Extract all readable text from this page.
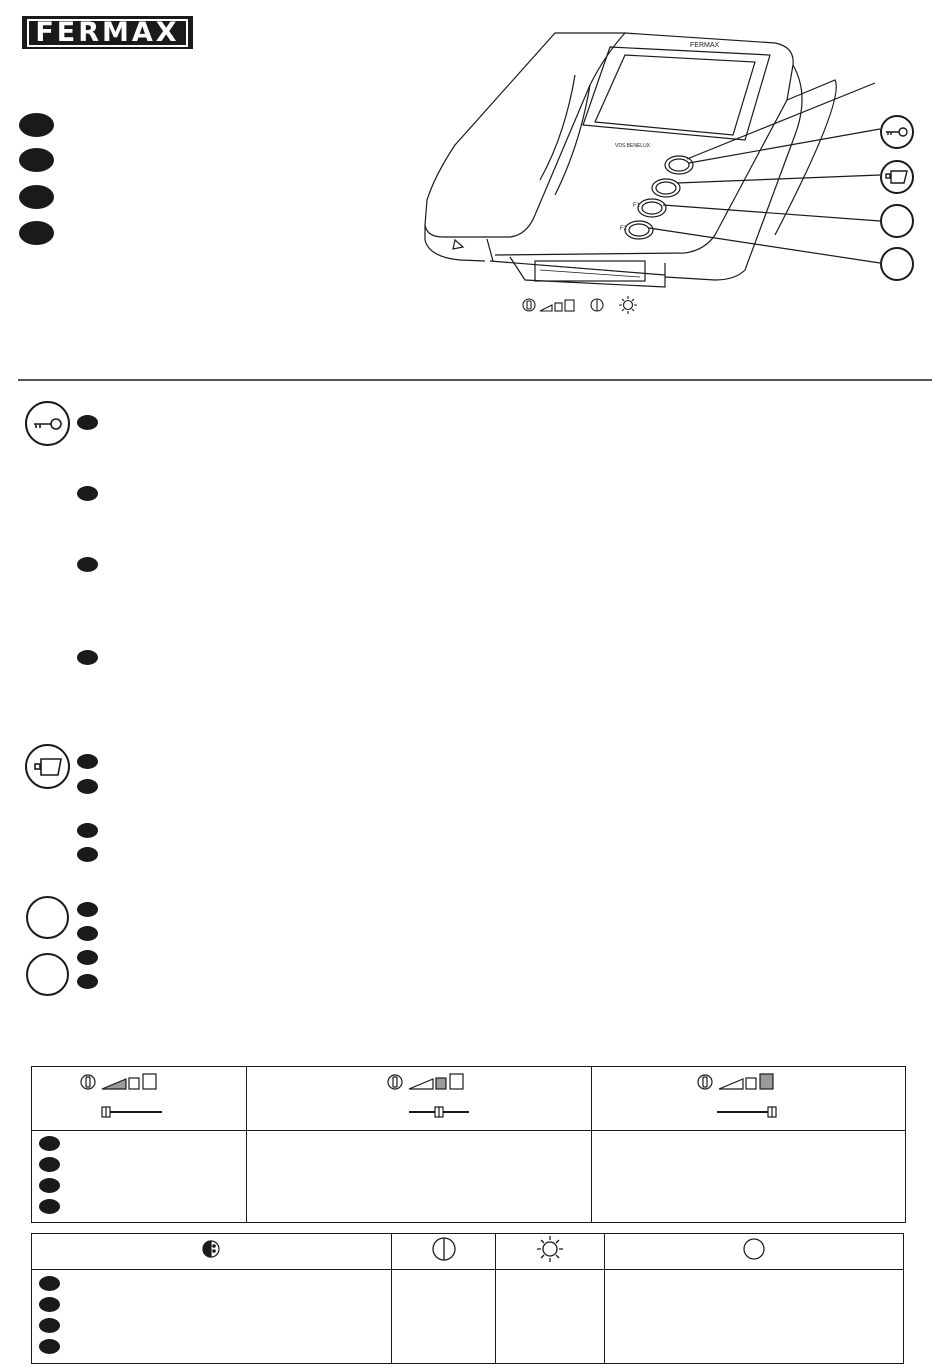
FERMAX	FERMAX
VDS BENELUX
F1
F2
